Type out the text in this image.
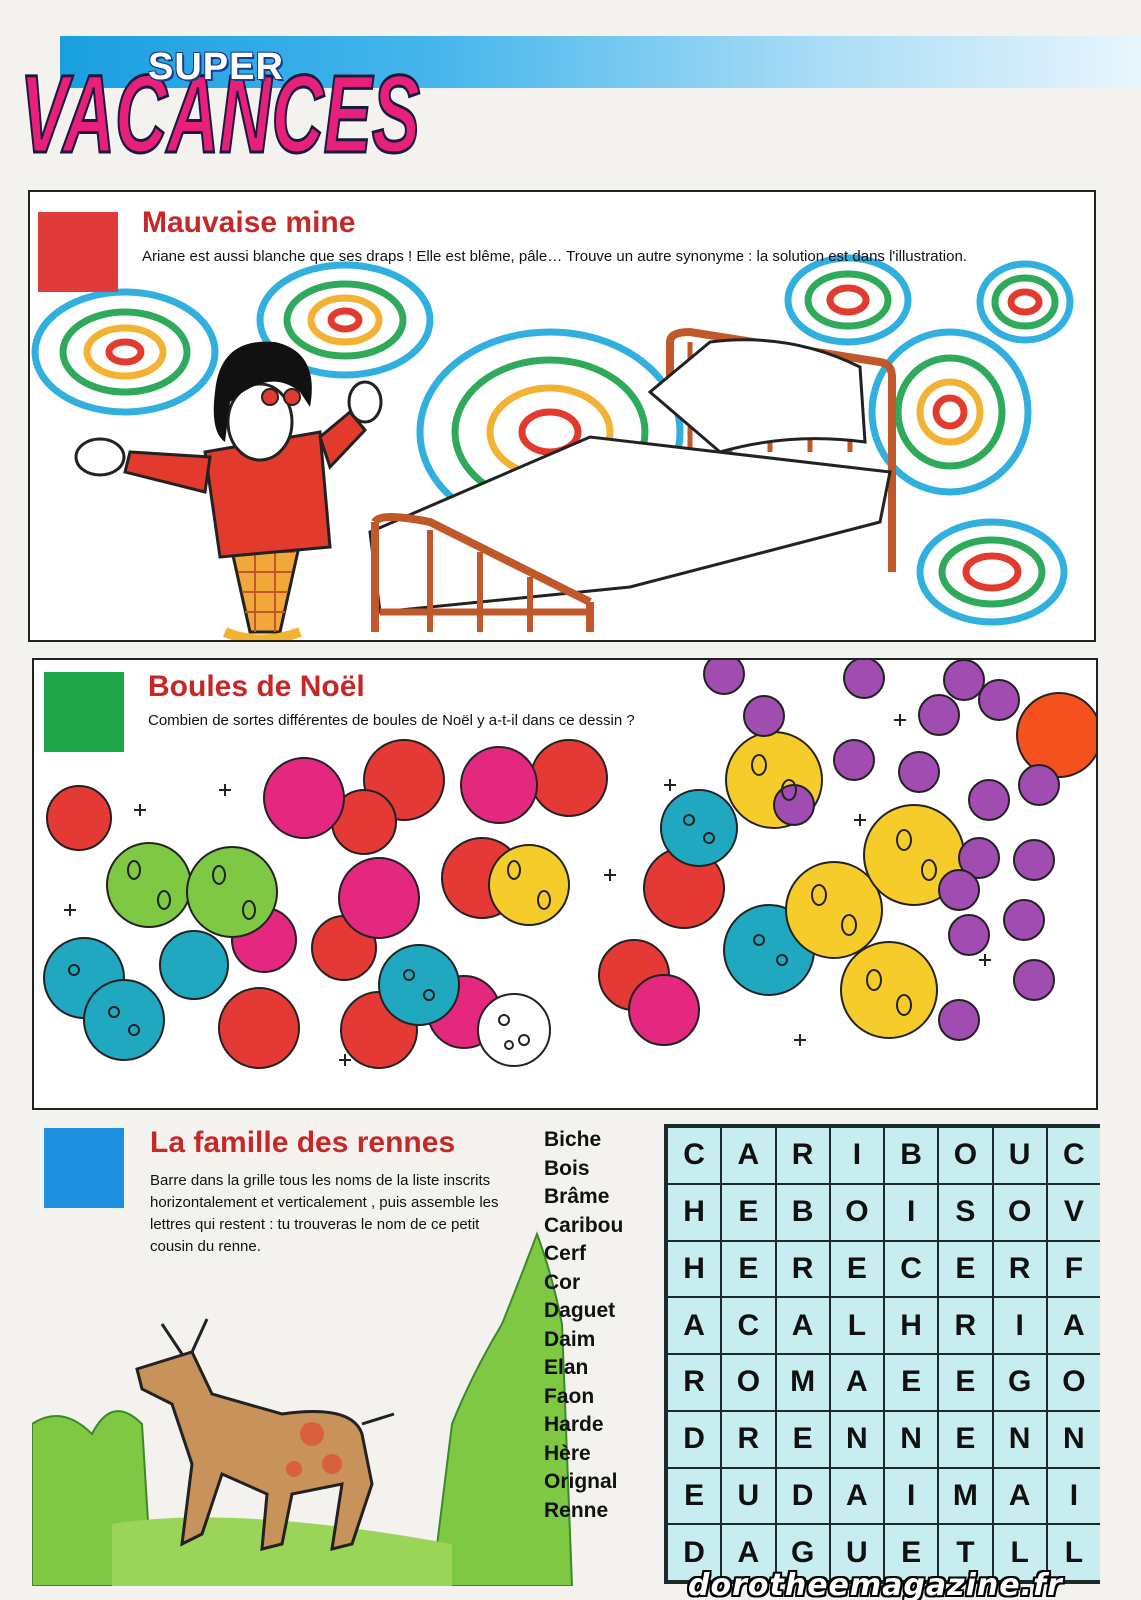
VACANCES
SUPER
Mauvaise mine

Ariane est aussi blanche que ses draps ! Elle est blême, pâle… Trouve un autre synonyme : la solution est dans l'illustration.

Boules de Noël

Combien de sortes différentes de boules de Noël y a-t-il dans ce dessin ?

La famille des rennes

Barre dans la grille tous les noms de la liste inscrits horizontalement et verticalement , puis assemble les lettres qui restent : tu trouveras le nom de ce petit cousin du renne.

Biche
Bois
Brâme
Caribou
Cerf
Cor
Daguet
Daim
Elan
Faon
Harde
Hère
Orignal
Renne
C	A	R	I	B	O	U	C
H	E	B	O	I	S	O	V
H	E	R	E	C	E	R	F
A	C	A	L	H	R	I	A
R	O	M	A	E	E	G	O
D	R	E	N	N	E	N	N
E	U	D	A	I	M	A	I
D	A	G	U	E	T	L	L
dorotheemagazine.fr
